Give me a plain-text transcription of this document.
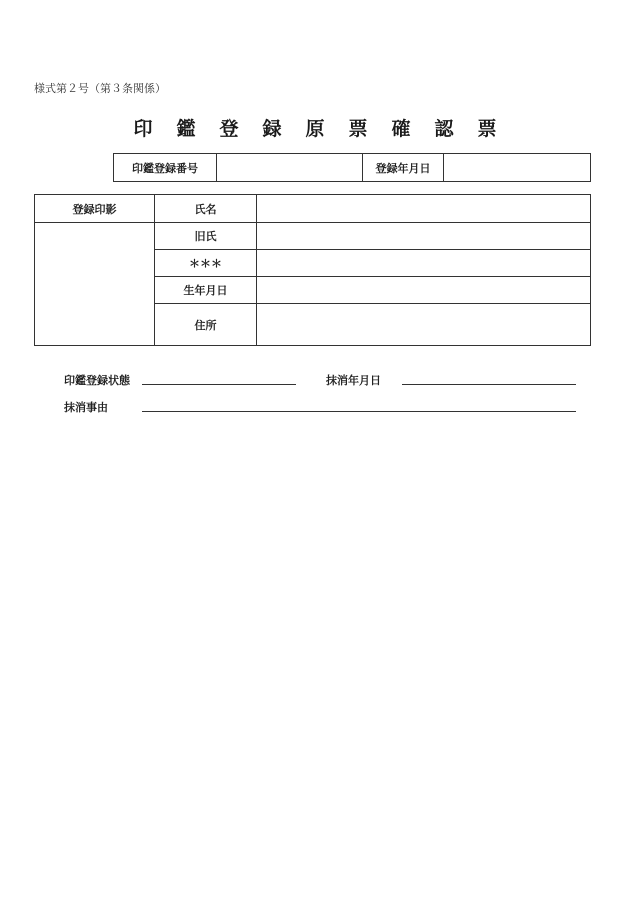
様式第２号（第３条関係）
印 鑑 登 録 原 票 確 認 票
印鑑登録番号		登録年月日	
登録印影	氏名	
	旧氏	
	＊＊＊	
	生年月日	
	住所	
印鑑登録状態	抹消年月日
抹消事由
